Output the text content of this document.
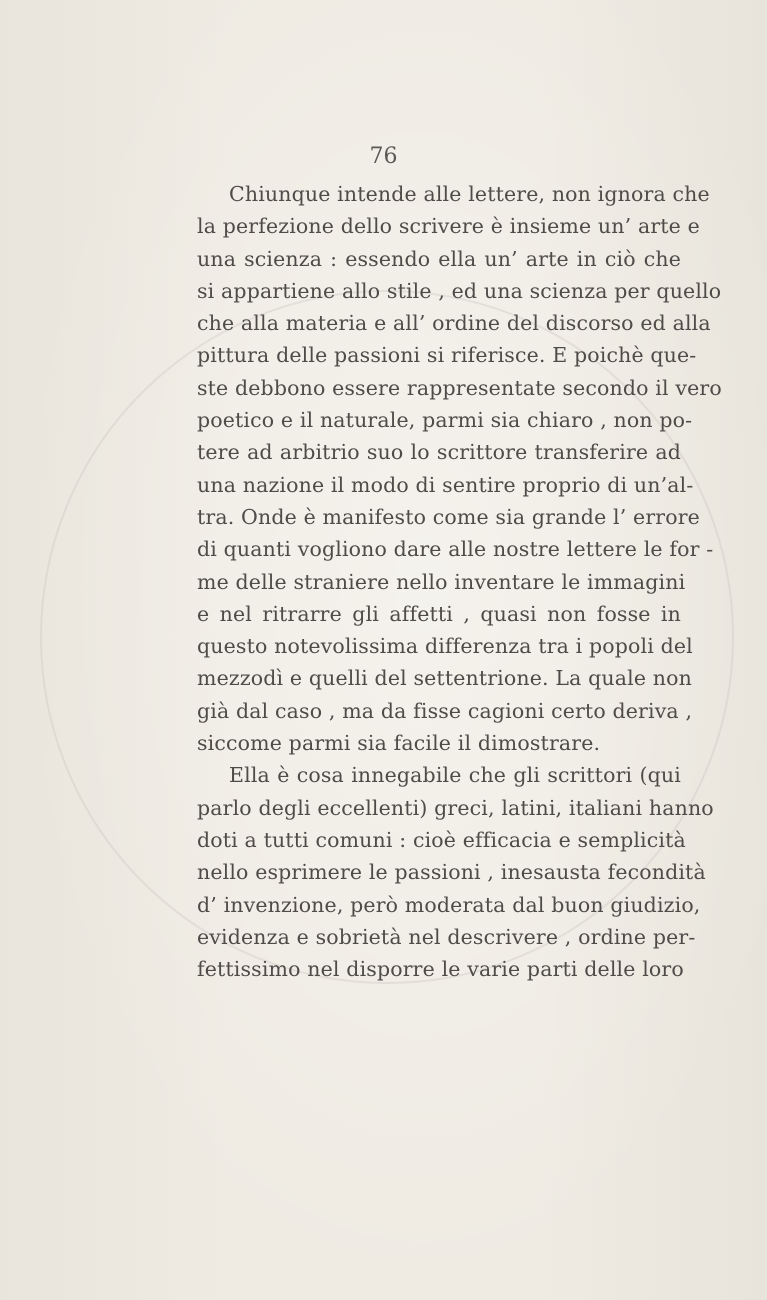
76
Chiunque intende alle lettere, non ignora che
la perfezione dello scrivere è insieme un’ arte e
una scienza : essendo ella un’ arte in ciò che
si appartiene allo stile , ed una scienza per quello
che alla materia e all’ ordine del discorso ed alla
pittura delle passioni si riferisce. E poichè que-
ste debbono essere rappresentate secondo il vero
poetico e il naturale, parmi sia chiaro , non po-
tere ad arbitrio suo lo scrittore transferire ad
una nazione il modo di sentire proprio di un’al-
tra. Onde è manifesto come sia grande l’ errore
di quanti vogliono dare alle nostre lettere le for -
me delle straniere nello inventare le immagini
e nel ritrarre gli affetti , quasi non fosse in
questo notevolissima differenza tra i popoli del
mezzodì e quelli del settentrione. La quale non
già dal caso , ma da fisse cagioni certo deriva ,
siccome parmi sia facile il dimostrare.
Ella è cosa innegabile che gli scrittori (qui
parlo degli eccellenti) greci, latini, italiani hanno
doti a tutti comuni : cioè efficacia e semplicità
nello esprimere le passioni , inesausta fecondità
d’ invenzione, però moderata dal buon giudizio,
evidenza e sobrietà nel descrivere , ordine per-
fettissimo nel disporre le varie parti delle loro
